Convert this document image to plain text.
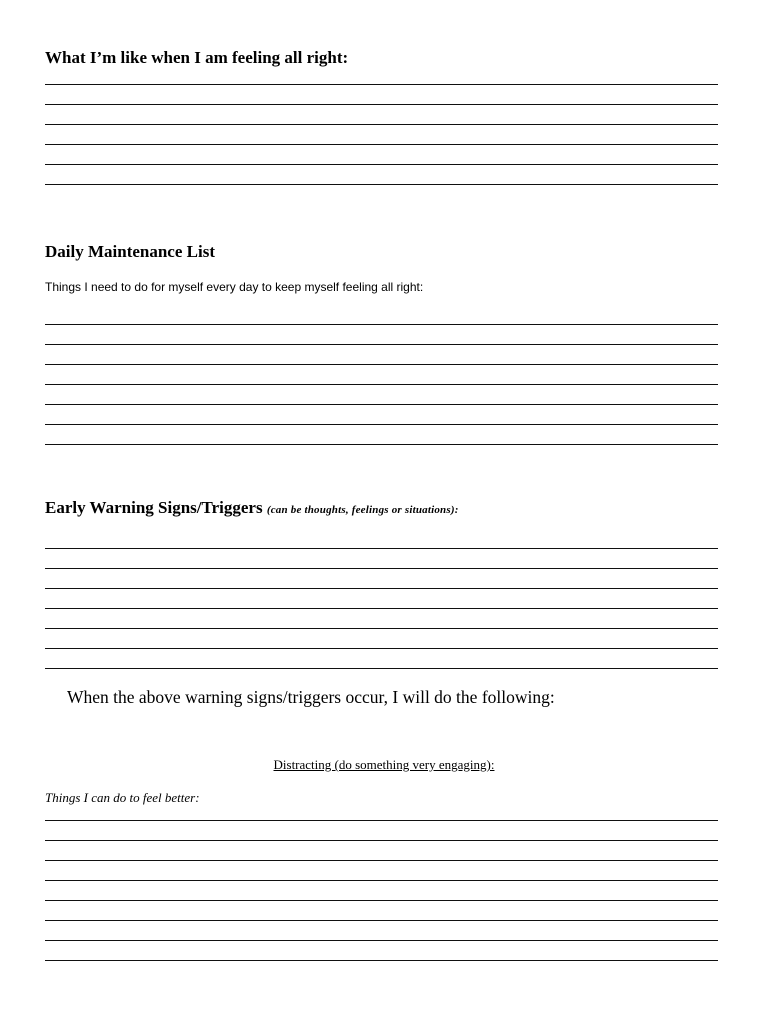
What I’m like when I am feeling all right:
Daily Maintenance List

Things I need to do for myself every day to keep myself feeling all right:

Early Warning Signs/Triggers (can be thoughts, feelings or situations):

When the above warning signs/triggers occur, I will do the following:

Distracting (do something very engaging):

Things I can do to feel better:
